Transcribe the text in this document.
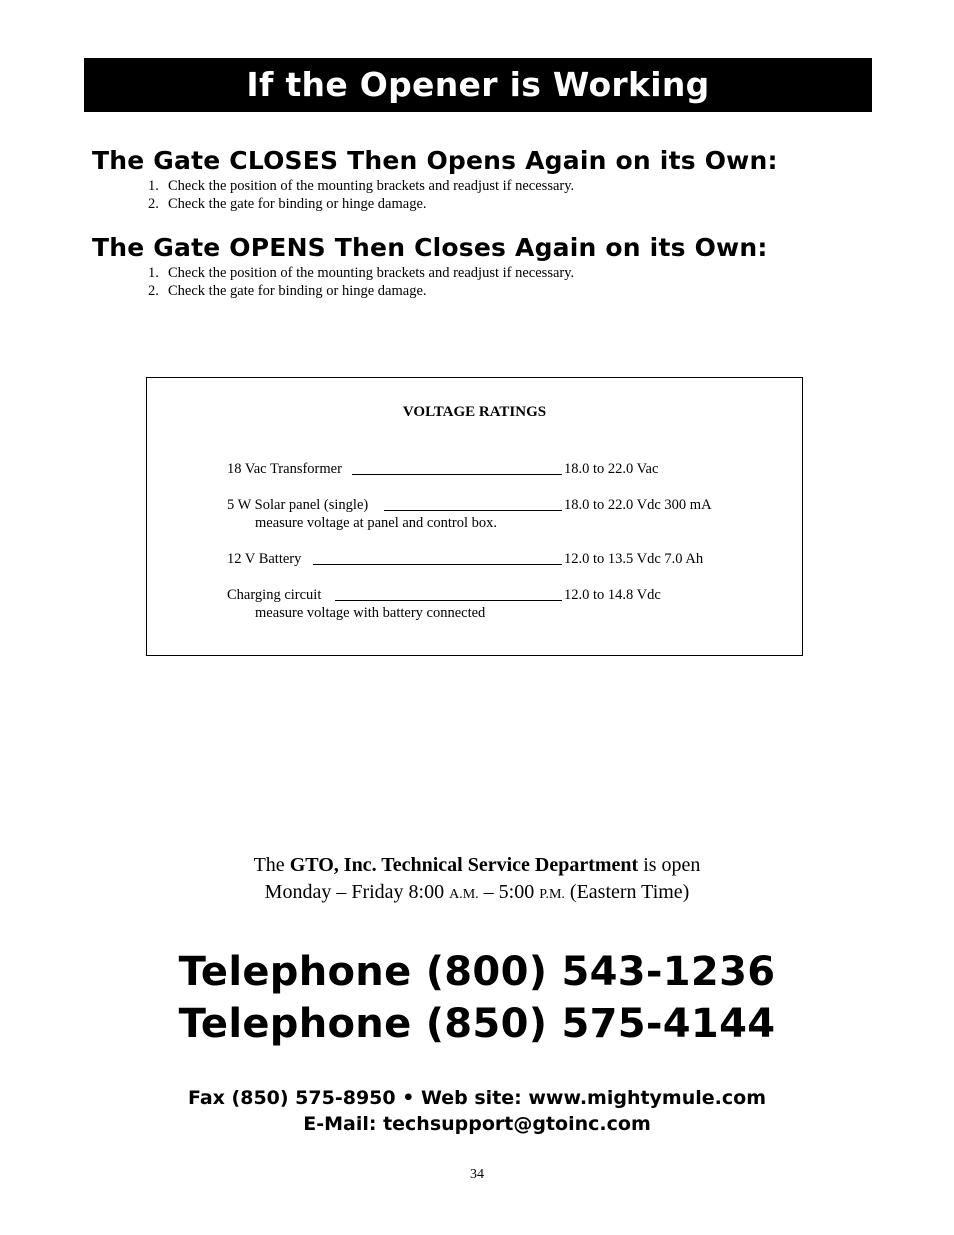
If the Opener is Working
The Gate CLOSES Then Opens Again on its Own:
1. Check the position of the mounting brackets and readjust if necessary.
2. Check the gate for binding or hinge damage.
The Gate OPENS Then Closes Again on its Own:
1. Check the position of the mounting brackets and readjust if necessary.
2. Check the gate for binding or hinge damage.
VOLTAGE RATINGS
18 Vac Transformer	18.0 to 22.0 Vac
5 W Solar panel (single)	18.0 to 22.0 Vdc 300 mA
measure voltage at panel and control box.
12 V Battery	12.0 to 13.5 Vdc 7.0 Ah
Charging circuit	12.0 to 14.8 Vdc
measure voltage with battery connected
The GTO, Inc. Technical Service Department is open
Monday – Friday 8:00 A.M. – 5:00 P.M. (Eastern Time)
Telephone (800) 543-1236
Telephone (850) 575-4144
Fax (850) 575-8950 • Web site: www.mightymule.com
E-Mail: techsupport@gtoinc.com
34
